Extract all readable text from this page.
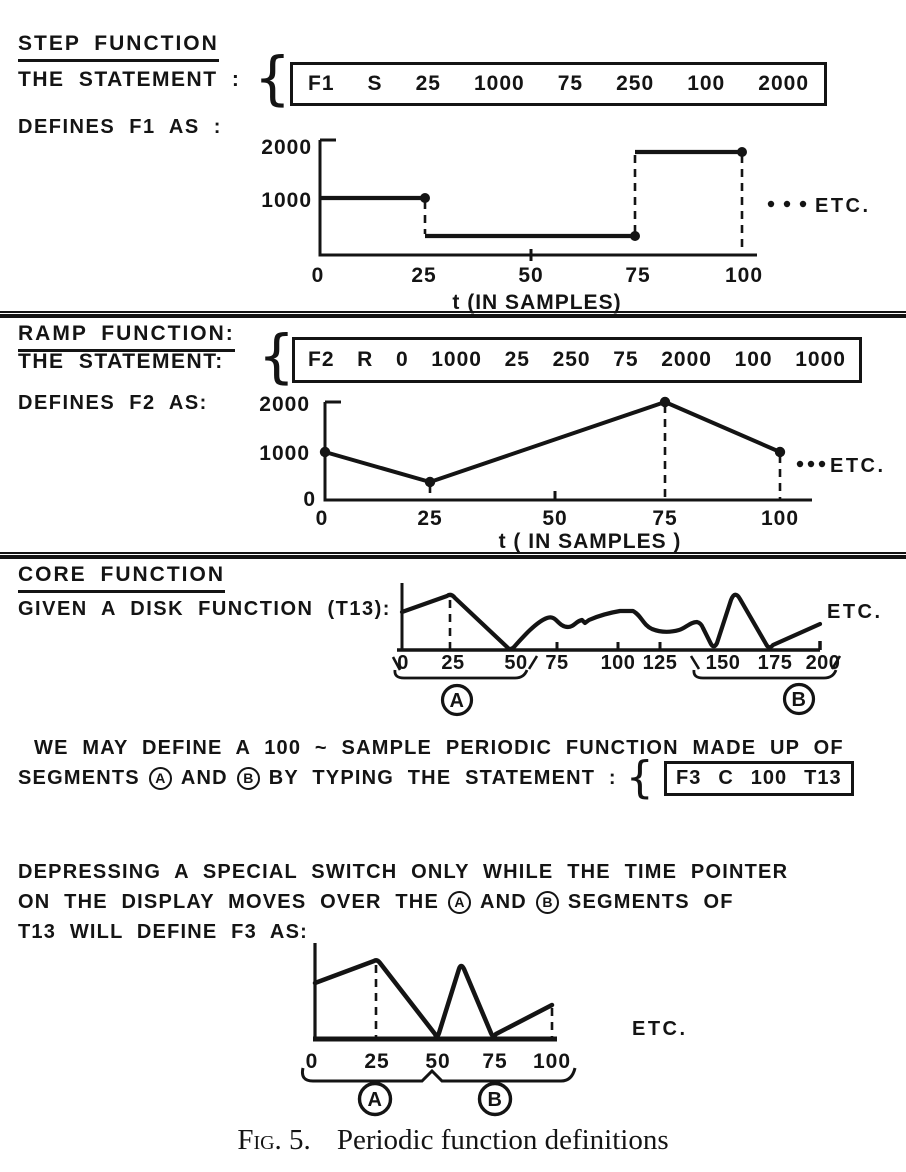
STEP FUNCTION
THE STATEMENT : { F1 S 25 1000 75 250 100 2000
DEFINES F1 AS :
2000
1000
0	25	50	75	100
ETC.
t (IN SAMPLES)
RAMP FUNCTION:
THE STATEMENT: { F2 R 0 1000 25 250 75 2000 100 1000
DEFINES F2 AS: 2000
1000
0
0	25	50	75	100
ETC.
t ( IN SAMPLES )
CORE FUNCTION
GIVEN A DISK FUNCTION (T13):
0 25 50 75 100 125 150 175 200
A	B
ETC.
WE MAY DEFINE A 100 ~ SAMPLE PERIODIC FUNCTION MADE UP OF
SEGMENTS	A AND	B BY TYPING THE STATEMENT : { F3 C 100 T13
DEPRESSING A SPECIAL SWITCH ONLY WHILE THE TIME POINTER
ON THE DISPLAY MOVES OVER THE	A AND	B SEGMENTS OF
T13 WILL DEFINE F3 AS:
0 25 50 75 100
A	B
ETC.
Fig. 5. Periodic function definitions
